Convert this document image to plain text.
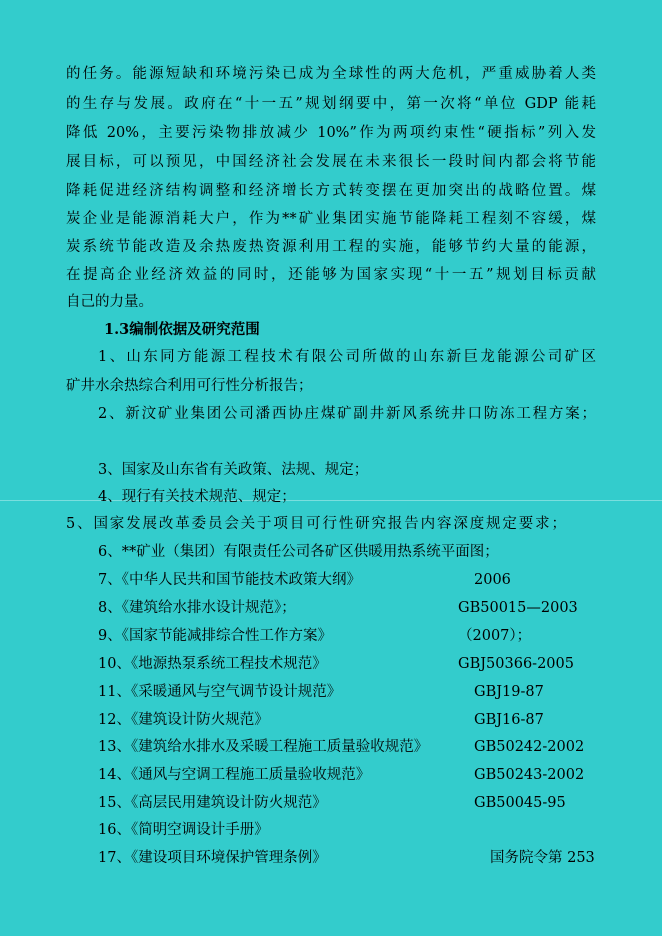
的任务。能源短缺和环境污染已成为全球性的两大危机，严重威胁着人类
的生存与发展。政府在“十一五”规划纲要中，第一次将“单位 GDP 能耗
降低 20%，主要污染物排放减少 10%”作为两项约束性“硬指标”列入发
展目标，可以预见，中国经济社会发展在未来很长一段时间内都会将节能
降耗促进经济结构调整和经济增长方式转变摆在更加突出的战略位置。煤
炭企业是能源消耗大户，作为**矿业集团实施节能降耗工程刻不容缓，煤
炭系统节能改造及余热废热资源利用工程的实施，能够节约大量的能源，
在提高企业经济效益的同时，还能够为国家实现“十一五”规划目标贡献
自己的力量。
1.3编制依据及研究范围
1、山东同方能源工程技术有限公司所做的山东新巨龙能源公司矿区
矿井水余热综合利用可行性分析报告；
2、新汶矿业集团公司潘西协庄煤矿副井新风系统井口防冻工程方案；
3、国家及山东省有关政策、法规、规定；
4、现行有关技术规范、规定；
5、国家发展改革委员会关于项目可行性研究报告内容深度规定要求；
6、**矿业（集团）有限责任公司各矿区供暖用热系统平面图；
7、《中华人民共和国节能技术政策大纲》	2006
8、《建筑给水排水设计规范》；	GB50015—2003
9、《国家节能减排综合性工作方案》	（2007）；
10、《地源热泵系统工程技术规范》	GBJ50366-2005
11、《采暖通风与空气调节设计规范》	GBJ19-87
12、《建筑设计防火规范》	GBJ16-87
13、《建筑给水排水及采暖工程施工质量验收规范》	GB50242-2002
14、《通风与空调工程施工质量验收规范》	GB50243-2002
15、《高层民用建筑设计防火规范》	GB50045-95
16、《简明空调设计手册》
17、《建设项目环境保护管理条例》	国务院令第 253
